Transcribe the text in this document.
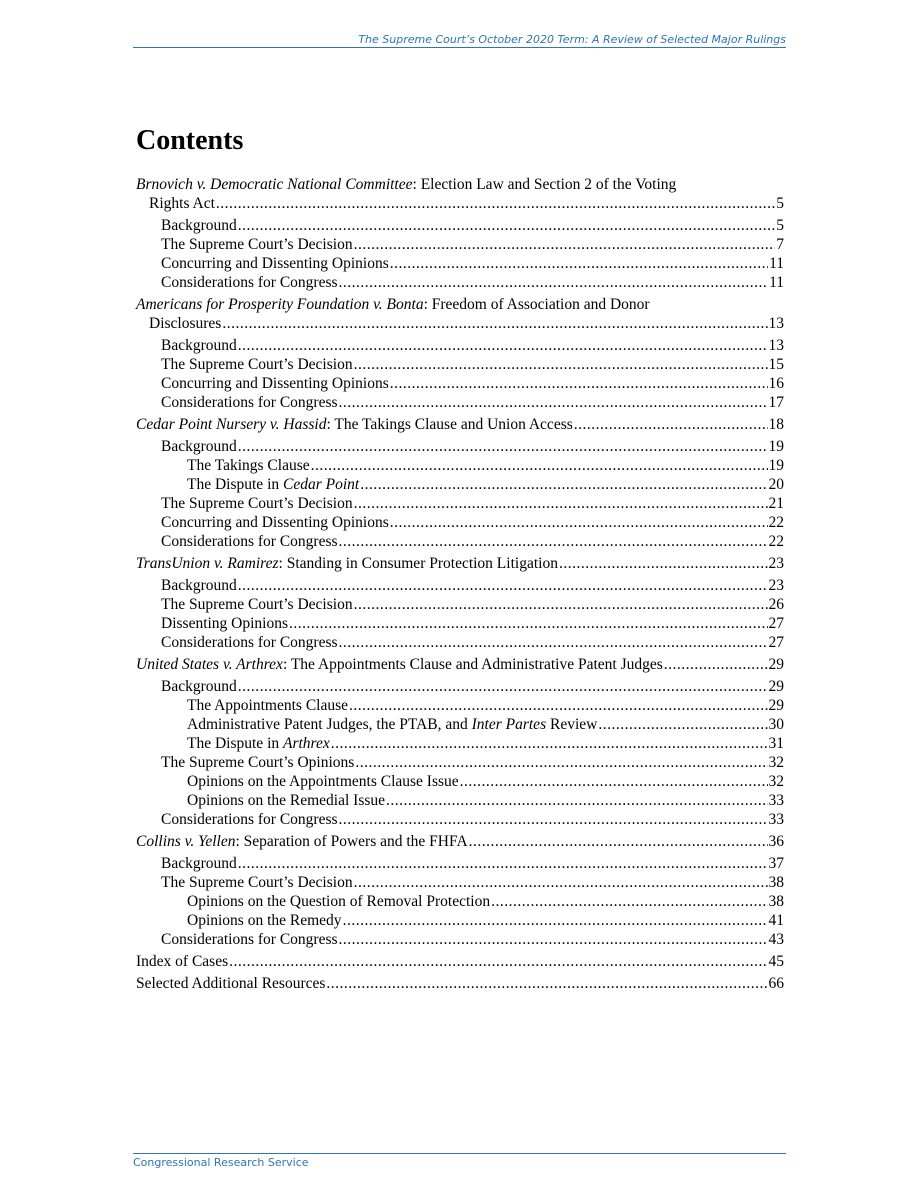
The Supreme Court’s October 2020 Term: A Review of Selected Major Rulings
Contents
Brnovich v. Democratic National Committee: Election Law and Section 2 of the Voting
Rights Act .....	5
Background .....	5
The Supreme Court’s Decision .....	7
Concurring and Dissenting Opinions .....	11
Considerations for Congress .....	11
Americans for Prosperity Foundation v. Bonta: Freedom of Association and Donor
Disclosures .....	13
Background .....	13
The Supreme Court’s Decision .....	15
Concurring and Dissenting Opinions .....	16
Considerations for Congress .....	17
Cedar Point Nursery v. Hassid: The Takings Clause and Union Access .....	18
Background .....	19
The Takings Clause .....	19
The Dispute in Cedar Point .....	20
The Supreme Court’s Decision .....	21
Concurring and Dissenting Opinions .....	22
Considerations for Congress .....	22
TransUnion v. Ramirez: Standing in Consumer Protection Litigation .....	23
Background .....	23
The Supreme Court’s Decision .....	26
Dissenting Opinions .....	27
Considerations for Congress .....	27
United States v. Arthrex: The Appointments Clause and Administrative Patent Judges .....	29
Background .....	29
The Appointments Clause .....	29
Administrative Patent Judges, the PTAB, and Inter Partes Review .....	30
The Dispute in Arthrex .....	31
The Supreme Court’s Opinions .....	32
Opinions on the Appointments Clause Issue .....	32
Opinions on the Remedial Issue .....	33
Considerations for Congress .....	33
Collins v. Yellen: Separation of Powers and the FHFA .....	36
Background .....	37
The Supreme Court’s Decision .....	38
Opinions on the Question of Removal Protection .....	38
Opinions on the Remedy .....	41
Considerations for Congress .....	43
Index of Cases .....	45
Selected Additional Resources .....	66
Congressional Research Service
